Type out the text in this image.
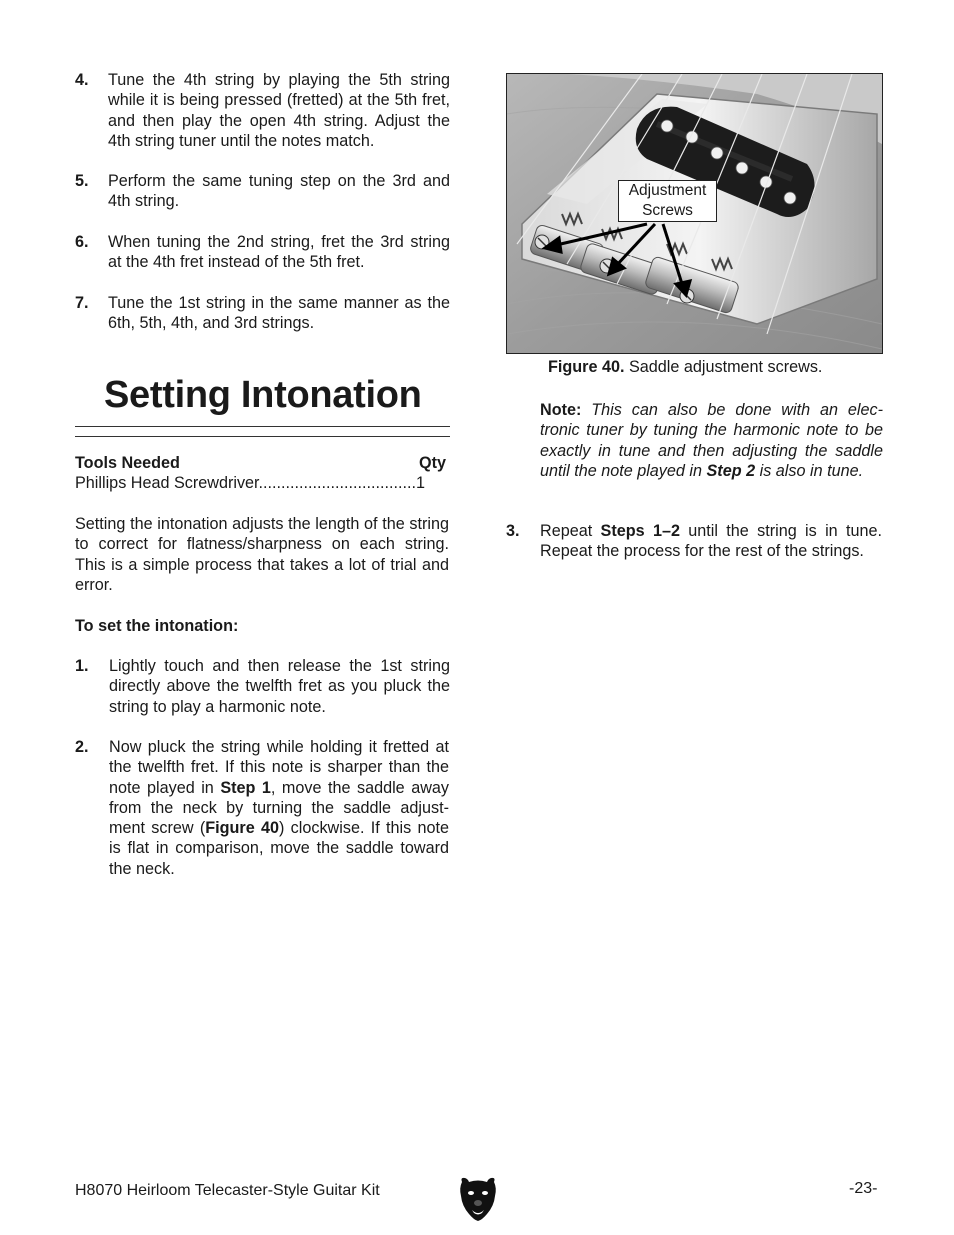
4. Tune the 4th string by playing the 5th string while it is being pressed (fretted) at the 5th fret, and then play the open 4th string. Adjust the 4th string tuner until the notes match.
5. Perform the same tuning step on the 3rd and 4th string.
6. When tuning the 2nd string, fret the 3rd string at the 4th fret instead of the 5th fret.
7. Tune the 1st string in the same manner as the 6th, 5th, 4th, and 3rd strings.
Setting Intonation
Tools Needed	Qty
Phillips Head Screwdriver...................................1
Setting the intonation adjusts the length of the string to correct for flatness/sharpness on each string. This is a simple process that takes a lot of trial and error.
To set the intonation:
1. Lightly touch and then release the 1st string directly above the twelfth fret as you pluck the string to play a harmonic note.
2. Now pluck the string while holding it fretted at the twelfth fret. If this note is sharper than the note played in Step 1, move the saddle away from the neck by turning the saddle adjust- ment screw (Figure 40) clockwise. If this note is flat in comparison, move the saddle toward the neck.
Adjustment
Screws
Figure 40. Saddle adjustment screws.
Note: This can also be done with an elec- tronic tuner by tuning the harmonic note to be exactly in tune and then adjusting the saddle until the note played in Step 2 is also in tune.
3. Repeat Steps 1–2 until the string is in tune. Repeat the process for the rest of the strings.
H8070 Heirloom Telecaster-Style Guitar Kit	-23-
